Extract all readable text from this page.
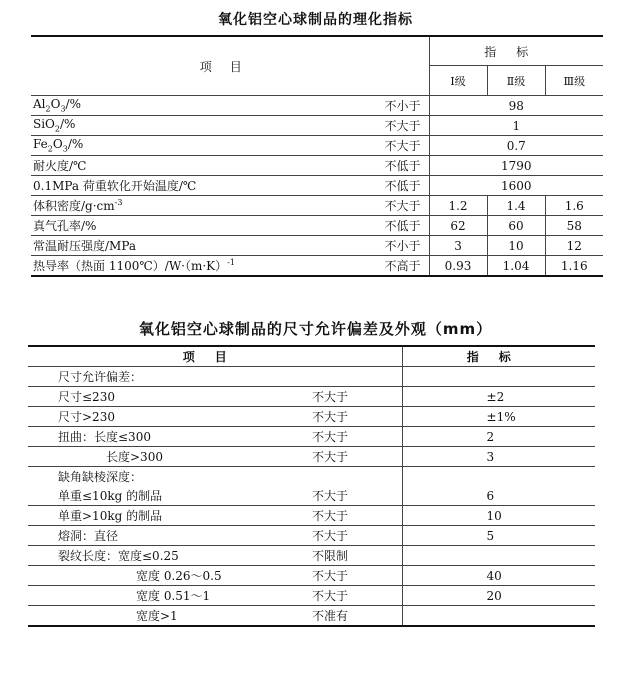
氧化铝空心球制品的理化指标
项目		指标		
		Ⅰ级	Ⅱ级	Ⅲ级
$Al_2O_3/\%$	不小于	98		
SiO$_2$/%	不大于	1		
$Fe_2O_3/\%$	不大于	0.7		
耐火度/℃	不低于	1790		
0.1MPa 荷重软化开始温度/℃	不低于	1600		
体积密度$/g\cdot cm^{-3}$	不大于	1.2	1.4	1.6
真气孔率/%	不低于	62	60	58
常温耐压强度/MPa	不小于	3	10	12
热导率（热面 $1100℃)/W\cdot(m\cdot K)^{-1}$	不高于	0.93	1.04	1.16
氧化铝空心球制品的尺寸允许偏差及外观（mm）
项目		指标
尺寸允许偏差：		
尺寸≤230	不大于	±2
尺寸>230	不大于	±1%
扭曲：长度≤300	不大于	2
长度>300	不大于	3
缺角缺棱深度：		
单重≤10kg 的制品	不大于	6
单重>10kg 的制品	不大于	10
熔洞：直径	不大于	5
裂纹长度：宽度≤0.25	不限制	
宽度 0.26～0.5	不大于	40
宽度 0.51～1	不大于	20
宽度>1	不准有	
